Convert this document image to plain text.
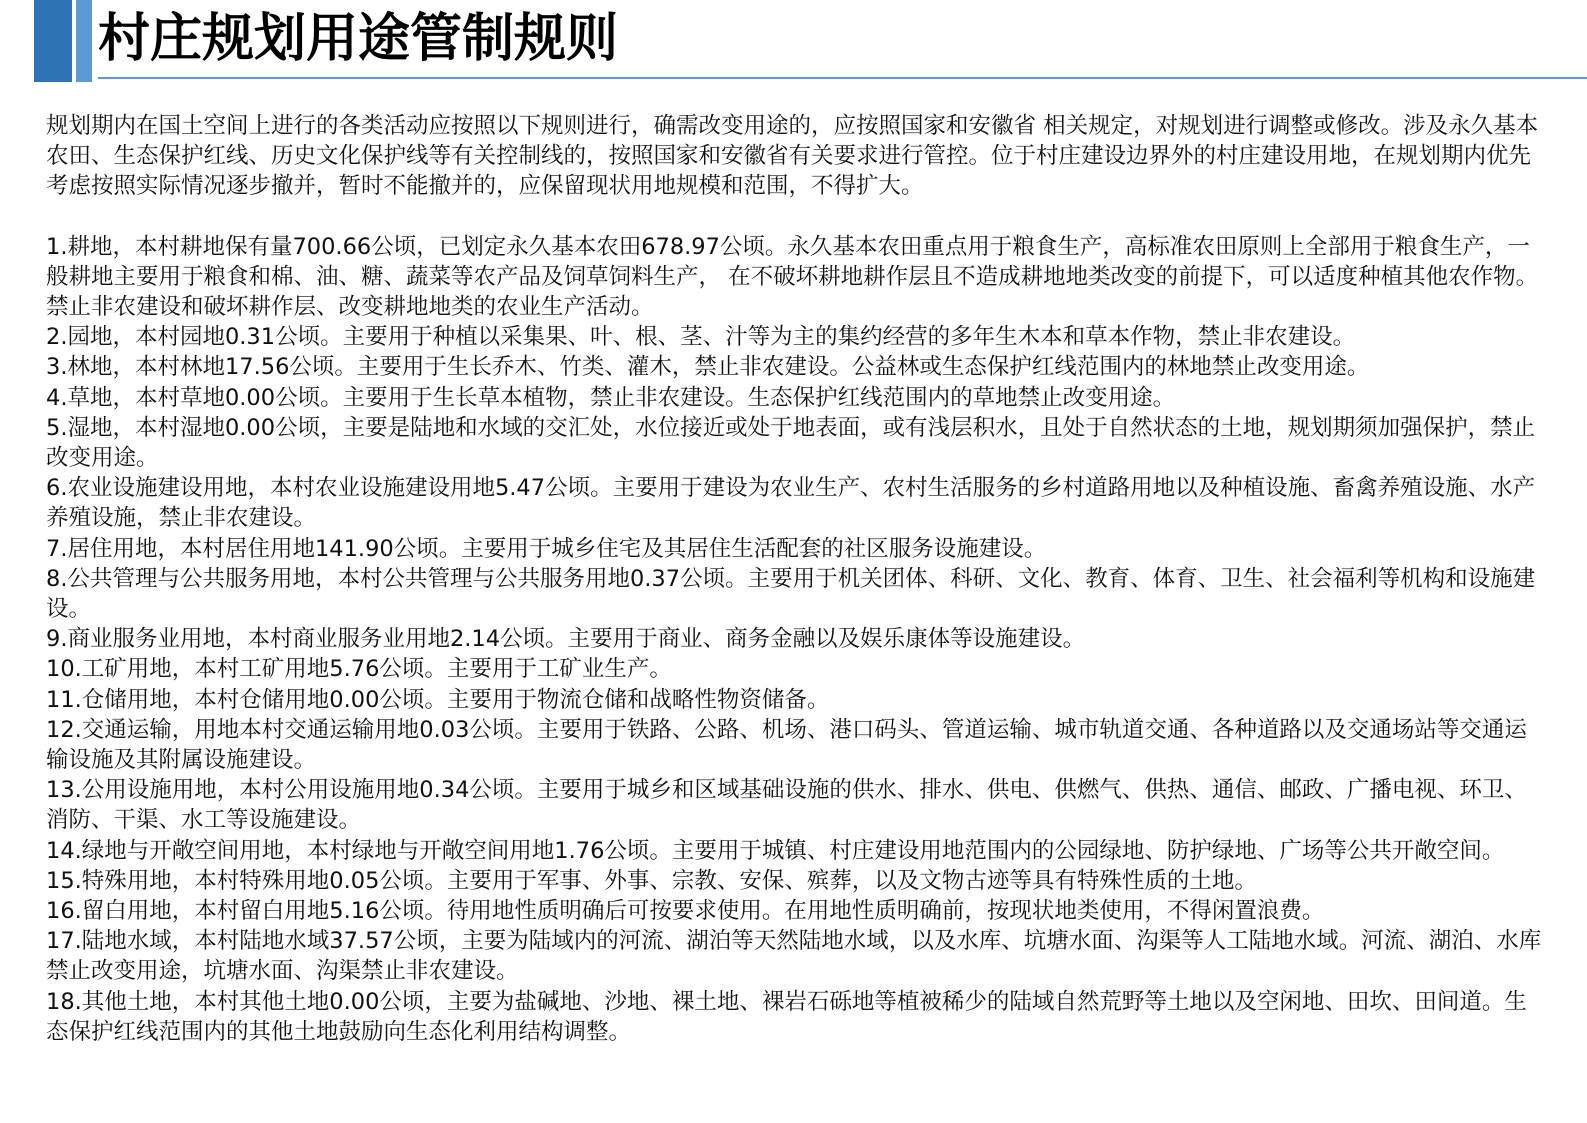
村庄规划用途管制规则

规划期内在国土空间上进行的各类活动应按照以下规则进行，确需改变用途的，应按照国家和安徽省 相关规定，对规划进行调整或修改。涉及永久基本农田、生态保护红线、历史文化保护线等有关控制线的，按照国家和安徽省有关要求进行管控。位于村庄建设边界外的村庄建设用地，在规划期内优先考虑按照实际情况逐步撤并，暂时不能撤并的，应保留现状用地规模和范围，不得扩大。

1.耕地，本村耕地保有量700.66公顷，已划定永久基本农田678.97公顷。永久基本农田重点用于粮食生产，高标准农田原则上全部用于粮食生产，一般耕地主要用于粮食和棉、油、糖、蔬菜等农产品及饲草饲料生产， 在不破坏耕地耕作层且不造成耕地地类改变的前提下，可以适度种植其他农作物。禁止非农建设和破坏耕作层、改变耕地地类的农业生产活动。

2.园地，本村园地0.31公顷。主要用于种植以采集果、叶、根、茎、汁等为主的集约经营的多年生木本和草本作物，禁止非农建设。

3.林地，本村林地17.56公顷。主要用于生长乔木、竹类、灌木，禁止非农建设。公益林或生态保护红线范围内的林地禁止改变用途。

4.草地，本村草地0.00公顷。主要用于生长草本植物，禁止非农建设。生态保护红线范围内的草地禁止改变用途。

5.湿地，本村湿地0.00公顷，主要是陆地和水域的交汇处，水位接近或处于地表面，或有浅层积水，且处于自然状态的土地，规划期须加强保护，禁止改变用途。

6.农业设施建设用地，本村农业设施建设用地5.47公顷。主要用于建设为农业生产、农村生活服务的乡村道路用地以及种植设施、畜禽养殖设施、水产养殖设施，禁止非农建设。

7.居住用地，本村居住用地141.90公顷。主要用于城乡住宅及其居住生活配套的社区服务设施建设。

8.公共管理与公共服务用地，本村公共管理与公共服务用地0.37公顷。主要用于机关团体、科研、文化、教育、体育、卫生、社会福利等机构和设施建设。

9.商业服务业用地，本村商业服务业用地2.14公顷。主要用于商业、商务金融以及娱乐康体等设施建设。

10.工矿用地，本村工矿用地5.76公顷。主要用于工矿业生产。

11.仓储用地，本村仓储用地0.00公顷。主要用于物流仓储和战略性物资储备。

12.交通运输，用地本村交通运输用地0.03公顷。主要用于铁路、公路、机场、港口码头、管道运输、城市轨道交通、各种道路以及交通场站等交通运输设施及其附属设施建设。

13.公用设施用地，本村公用设施用地0.34公顷。主要用于城乡和区域基础设施的供水、排水、供电、供燃气、供热、通信、邮政、广播电视、环卫、消防、干渠、水工等设施建设。

14.绿地与开敞空间用地，本村绿地与开敞空间用地1.76公顷。主要用于城镇、村庄建设用地范围内的公园绿地、防护绿地、广场等公共开敞空间。

15.特殊用地，本村特殊用地0.05公顷。主要用于军事、外事、宗教、安保、殡葬，以及文物古迹等具有特殊性质的土地。

16.留白用地，本村留白用地5.16公顷。待用地性质明确后可按要求使用。在用地性质明确前，按现状地类使用，不得闲置浪费。

17.陆地水域，本村陆地水域37.57公顷，主要为陆域内的河流、湖泊等天然陆地水域，以及水库、坑塘水面、沟渠等人工陆地水域。河流、湖泊、水库禁止改变用途，坑塘水面、沟渠禁止非农建设。

18.其他土地，本村其他土地0.00公顷，主要为盐碱地、沙地、裸土地、裸岩石砾地等植被稀少的陆域自然荒野等土地以及空闲地、田坎、田间道。生态保护红线范围内的其他土地鼓励向生态化利用结构调整。
